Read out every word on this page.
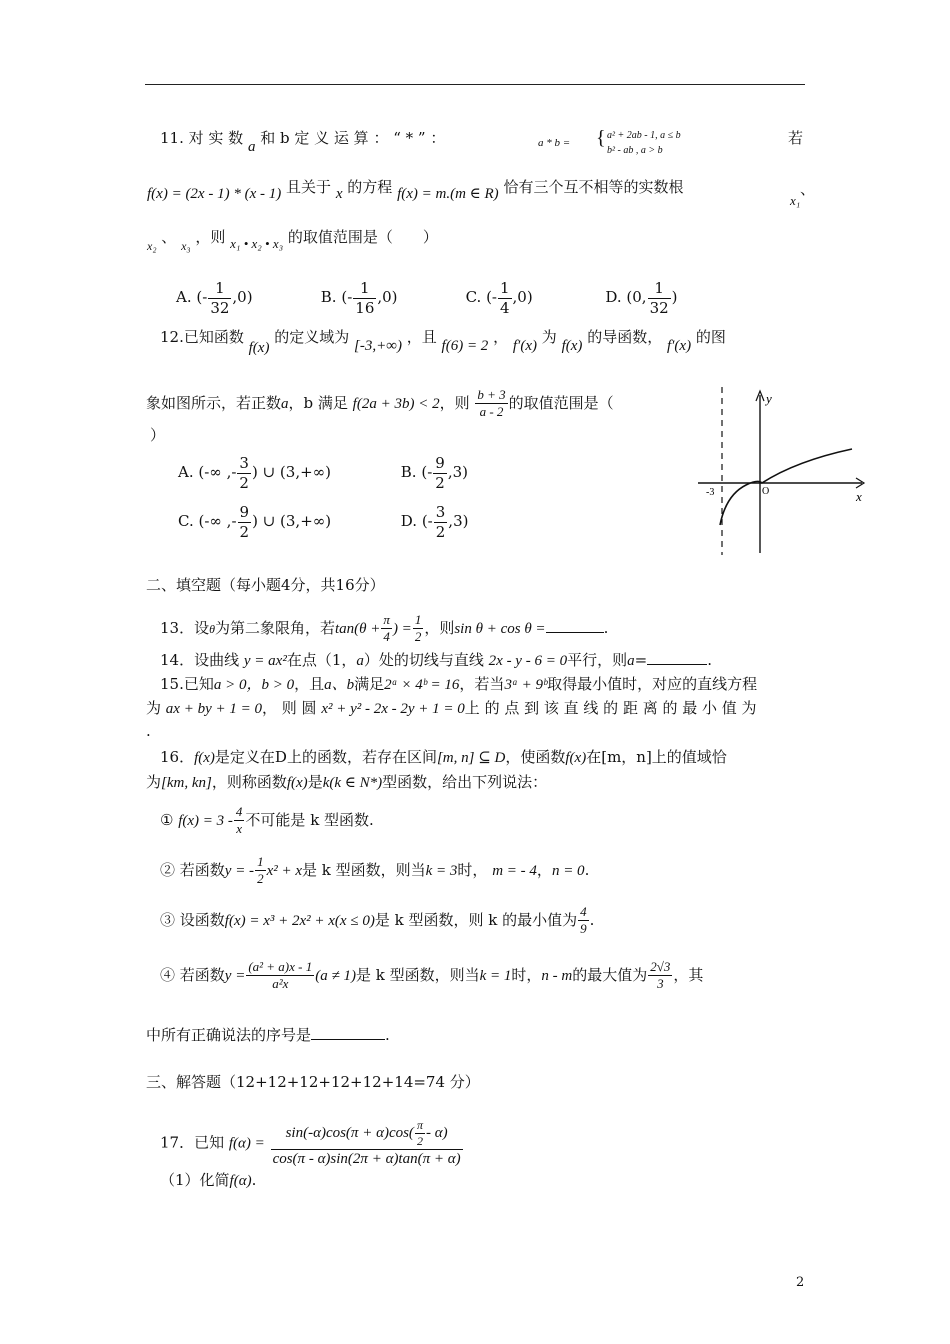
11. 对 实 数 a 和 b 定 义 运 算 ： “ * ” ：	a * b = { a² + 2ab - 1, a ≤ b
b² - ab , a > b
若
f(x) = (2x - 1) * (x - 1) 且关于 x 的方程 f(x) = m.(m ∈ R) 恰有三个互不相等的实数根
x₁
、
$_{x_2}$ 、 $_{x_3}$ ，则 x₁ • x₂ • x₃ 的取值范围是（　　）
A. (- $\frac{1}{32} ,0$)	B. (- $\frac{1}{16} ,0$)	C. (- $\frac{1}{4} ,0$)	D. (0, $\frac{1}{32}$ )
12.已知函数 f(x) 的定义域为 [-3,+∞) ，且 f(6) = 2 ， f′(x) 为 f(x) 的导函数， f′(x) 的图
象如图所示，若正数a，b 满足 f(2a + 3b) < 2，则 $\frac{b + 3}{a - 2}$ 的取值范围是（
）
A. (-∞ ,- $\frac{3}{2}$ ) ∪ (3,+∞)	B. (- $\frac{9}{2} ,3$)
C. (-∞ ,- $\frac{9}{2}$ ) ∪ (3,+∞)	D. (- $\frac{3}{2} ,3$)
y
x
-3	O
二、填空题（每小题4分，共16分）
13．设θ为第二象限角，若$\tan(\theta + \frac{\pi}{4}$ ) = $\frac{1}{2}$ ，则sin θ + cos θ =	.
14．设曲线 y = ax²在点（1，a）处的切线与直线 2x - y - 6 = 0平行，则a=	.
15.已知a > 0，b > 0，且a、b满足2ᵃ × 4ᵇ = 16，若当3ᵃ + 9ᵇ取得最小值时，对应的直线方程
为 ax + by + 1 = 0， 则 圆 x² + y² - 2x - 2y + 1 = 0上 的 点 到 该 直 线 的 距 离 的 最 小 值 为
.
16．f(x)是定义在D上的函数，若存在区间[m, n] ⊆ D，使函数f(x)在[m，n]上的值域恰
为[km, kn]，则称函数f(x)是k(k ∈ N*)型函数，给出下列说法：
① $f(x) = 3 - \frac{4}{x}$ 不可能是 k 型函数.
② 若函数y = - $\frac{1}{2} x^2 + x$是 k 型函数，则当k = 3时， m = - 4，n = 0.
③ 设函数f(x) = x³ + 2x² + x(x ≤ 0)是 k 型函数，则 k 的最小值为 $\frac{4}{9}$ .
④ 若函数$y = \frac{\text{(a² + a)x - 1}}{\text{a²x}} (a \ne 1)$是 k 型函数，则当k = 1时，n - m的最大值为 $\frac{2√3}{3}$ ，其
中所有正确说法的序号是	.
三、解答题（12+12+12+12+12+14=74 分）
17．已知 $f(\alpha) = \frac{\sin(-\alpha)\cos(\pi + \alpha)\cos( \frac{\pi}{2} - \alpha)}{\cos(\pi - \alpha)\sin(2\pi + \alpha)\tan(\pi + \alpha)}$
（1）化简f(α).
2
